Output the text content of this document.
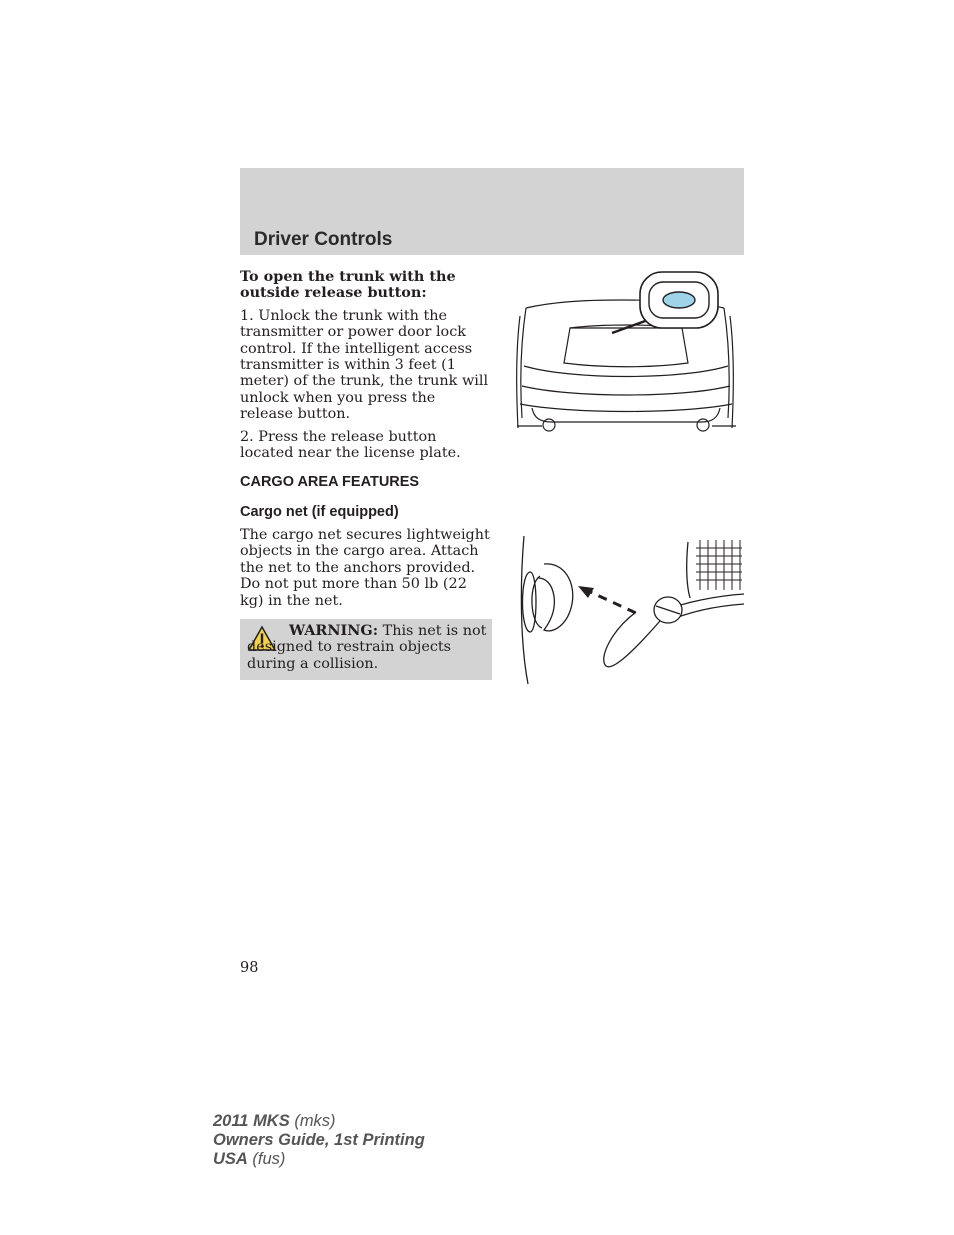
Driver Controls

To open the trunk with the outside release button:

1. Unlock the trunk with the transmitter or power door lock control. If the intelligent access transmitter is within 3 feet (1 meter) of the trunk, the trunk will unlock when you press the release button.

2. Press the release button located near the license plate.

CARGO AREA FEATURES

Cargo net (if equipped)

The cargo net secures lightweight objects in the cargo area. Attach the net to the anchors provided. Do not put more than 50 lb (22 kg) in the net.

WARNING: This net is not designed to restrain objects during a collision.
98
2011 MKS (mks)
Owners Guide, 1st Printing
USA (fus)
